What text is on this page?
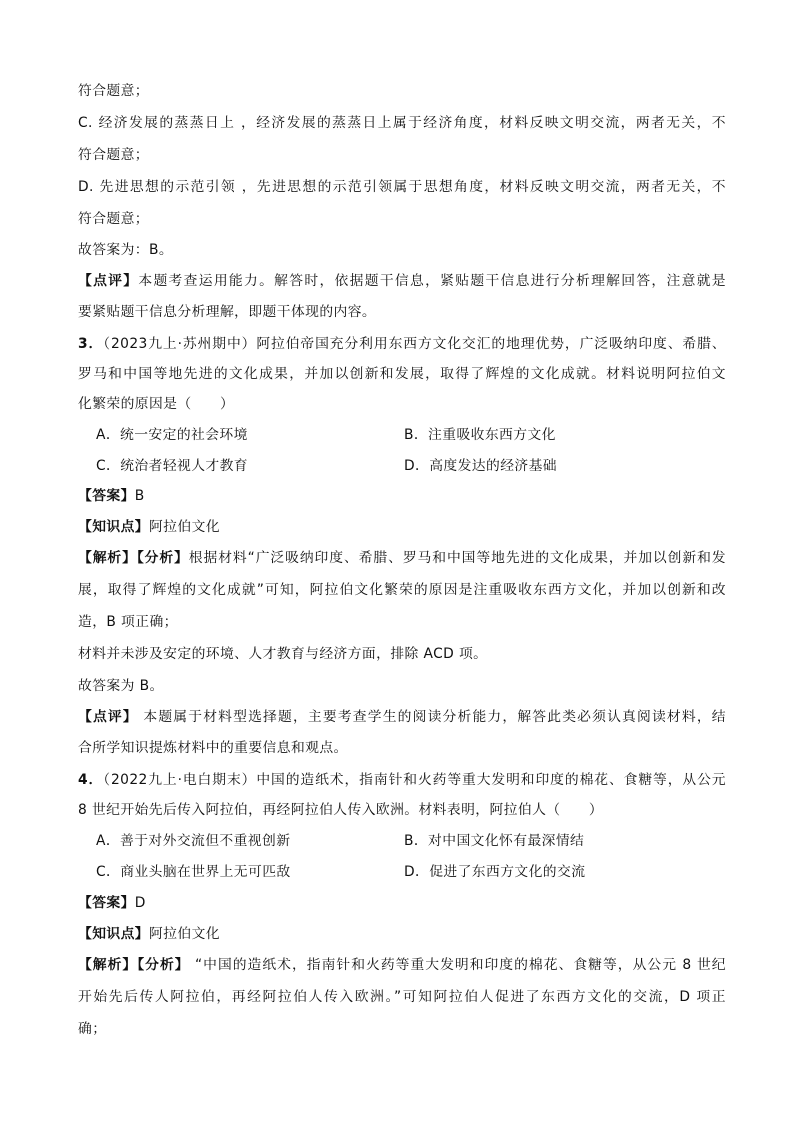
符合题意；
C. 经济发展的蒸蒸日上 ，经济发展的蒸蒸日上属于经济角度，材料反映文明交流，两者无关，不
符合题意；
D. 先进思想的示范引领 ，先进思想的示范引领属于思想角度，材料反映文明交流，两者无关，不
符合题意；
故答案为：B。
【点评】本题考查运用能力。解答时，依据题干信息，紧贴题干信息进行分析理解回答，注意就是
要紧贴题干信息分析理解，即题干体现的内容。
3．（2023九上·苏州期中）阿拉伯帝国充分利用东西方文化交汇的地理优势，广泛吸纳印度、希腊、
罗马和中国等地先进的文化成果，并加以创新和发展，取得了辉煌的文化成就。材料说明阿拉伯文
化繁荣的原因是（　　）
A．统一安定的社会环境	B．注重吸收东西方文化
C．统治者轻视人才教育	D．高度发达的经济基础
【答案】B
【知识点】阿拉伯文化
【解析】【分析】根据材料“广泛吸纳印度、希腊、罗马和中国等地先进的文化成果，并加以创新和发
展，取得了辉煌的文化成就”可知，阿拉伯文化繁荣的原因是注重吸收东西方文化，并加以创新和改
造，B 项正确；
材料并未涉及安定的环境、人才教育与经济方面，排除 ACD 项。
故答案为 B。
【点评】 本题属于材料型选择题，主要考查学生的阅读分析能力，解答此类必须认真阅读材料，结
合所学知识提炼材料中的重要信息和观点。
4．（2022九上·电白期末）中国的造纸术，指南针和火药等重大发明和印度的棉花、食糖等，从公元
8 世纪开始先后传入阿拉伯，再经阿拉伯人传入欧洲。材料表明，阿拉伯人（　　）
A．善于对外交流但不重视创新	B．对中国文化怀有最深情结
C．商业头脑在世界上无可匹敌	D．促进了东西方文化的交流
【答案】D
【知识点】阿拉伯文化
【解析】【分析】 “中国的造纸术，指南针和火药等重大发明和印度的棉花、食糖等，从公元 8 世纪
开始先后传人阿拉伯，再经阿拉伯人传入欧洲。”可知阿拉伯人促进了东西方文化的交流，D 项正
确；
